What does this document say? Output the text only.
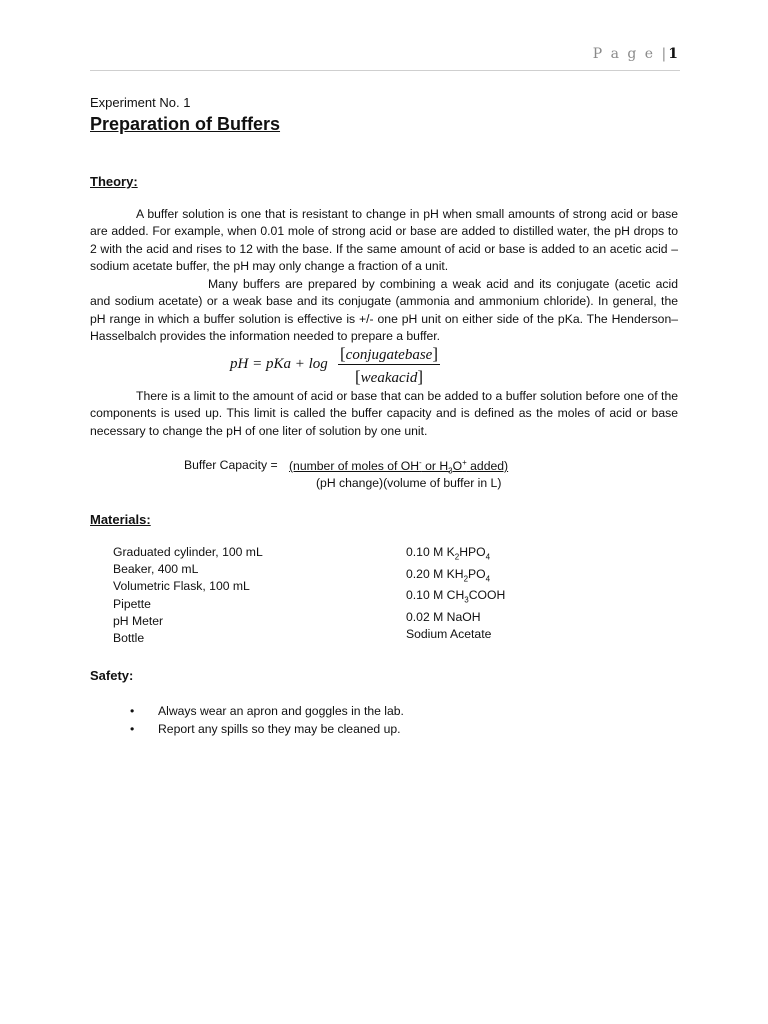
P a g e |1
Experiment No. 1
Preparation of Buffers
Theory:
A buffer solution is one that is resistant to change in pH when small amounts of strong acid or base are added. For example, when 0.01 mole of strong acid or base are added to distilled water, the pH drops to 2 with the acid and rises to 12 with the base. If the same amount of acid or base is added to an acetic acid – sodium acetate buffer, the pH may only change a fraction of a unit.
Many buffers are prepared by combining a weak acid and its conjugate (acetic acid and sodium acetate) or a weak base and its conjugate (ammonia and ammonium chloride). In general, the pH range in which a buffer solution is effective is +/- one pH unit on either side of the pKa. The Henderson–Hasselbalch provides the information needed to prepare a buffer.
pH = pKa + log
[conjugatebase]
[weakacid]
There is a limit to the amount of acid or base that can be added to a buffer solution before one of the components is used up. This limit is called the buffer capacity and is defined as the moles of acid or base necessary to change the pH of one liter of solution by one unit.
Buffer Capacity = (number of moles of OH- or $H_3O^+$ added)
(pH change)(volume of buffer in L)
Materials:
Graduated cylinder, 100 mL
Beaker, 400 mL
Volumetric Flask, 100 mL
Pipette
pH Meter
Bottle
0.10 M $K_2HPO_4$
0.20 M $KH_2PO_4$
0.10 M $CH_3COOH$
0.02 M NaOH
Sodium Acetate
Safety:
• Always wear an apron and goggles in the lab.
• Report any spills so they may be cleaned up.
